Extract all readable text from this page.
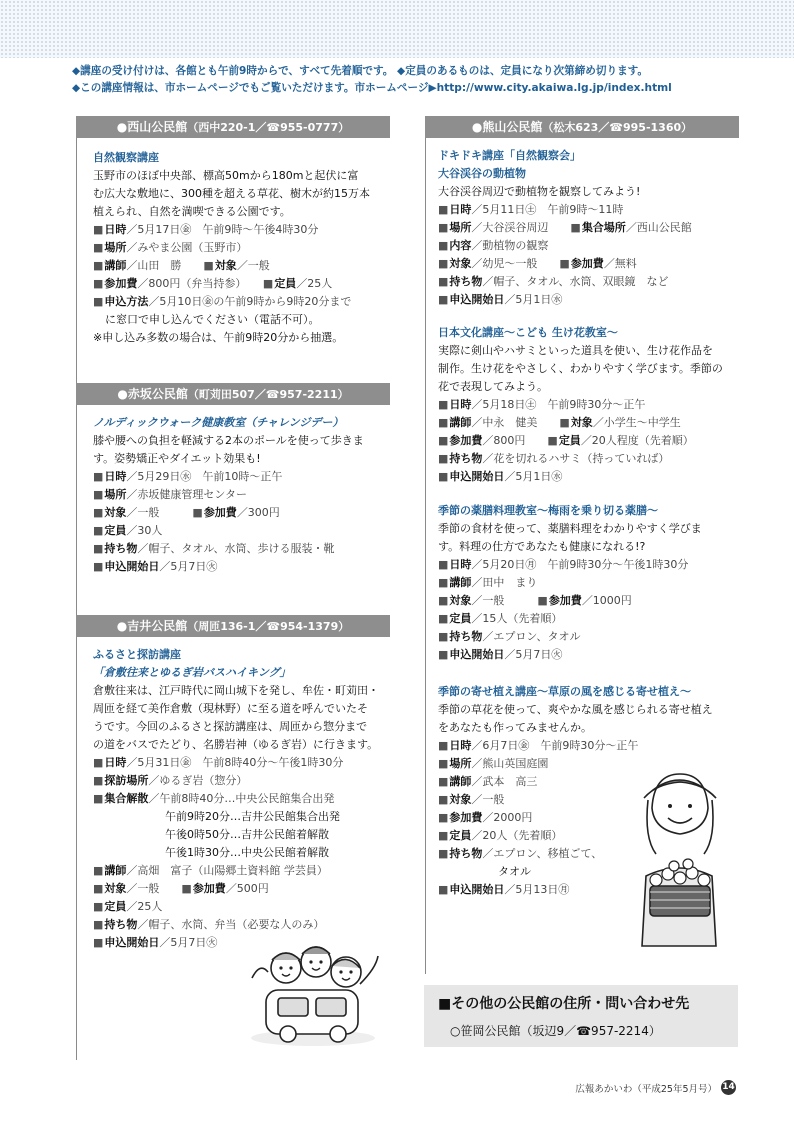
◆講座の受け付けは、各館とも午前9時からで、すべて先着順です。 ◆定員のあるものは、定員になり次第締め切ります。
◆この講座情報は、市ホームページでもご覧いただけます。市ホームページ▶http://www.city.akaiwa.lg.jp/index.html
●西山公民館（西中220-1／☎955-0777）
自然観察講座
玉野市のほぼ中央部、標高50mから180mと起伏に富
む広大な敷地に、300種を超える草花、樹木が約15万本
植えられ、自然を満喫できる公園です。
■ 日時／5月17日㊎　午前9時～午後4時30分
■ 場所／みやま公園（玉野市）
■ 講師／山田　勝　　■ 対象／一般
■ 参加費／800円（弁当持参）　　■ 定員／25人
■ 申込方法／5月10日㊎の午前9時から9時20分まで
に窓口で申し込んでください（電話不可）。
※申し込み多数の場合は、午前9時20分から抽選。
●赤坂公民館（町苅田507／☎957-2211）
ノルディックウォーク健康教室（チャレンジデー）
膝や腰への負担を軽減する2本のポールを使って歩きま
す。姿勢矯正やダイエット効果も!
■ 日時／5月29日㊌　午前10時～正午
■ 場所／赤坂健康管理センター
■ 対象／一般　　　■ 参加費／300円
■ 定員／30人
■ 持ち物／帽子、タオル、水筒、歩ける服装・靴
■ 申込開始日／5月7日㊋
●吉井公民館（周匝136-1／☎954-1379）
ふるさと探訪講座
「倉敷往来とゆるぎ岩バスハイキング」
倉敷往来は、江戸時代に岡山城下を発し、牟佐・町苅田・
周匝を経て美作倉敷（現林野）に至る道を呼んでいたそ
うです。今回のふるさと探訪講座は、周匝から惣分まで
の道をバスでたどり、名勝岩神（ゆるぎ岩）に行きます。
■ 日時／5月31日㊎　午前8時40分～午後1時30分
■ 探訪場所／ゆるぎ岩（惣分）
■ 集合解散／午前8時40分…中央公民館集合出発
午前9時20分…吉井公民館集合出発
午後0時50分…吉井公民館着解散
午後1時30分…中央公民館着解散
■ 講師／高畑　富子（山陽郷土資料館 学芸員）
■ 対象／一般　　■ 参加費／500円
■ 定員／25人
■ 持ち物／帽子、水筒、弁当（必要な人のみ）
■ 申込開始日／5月7日㊋
●熊山公民館（松木623／☎995-1360）
ドキドキ講座「自然観察会」
大谷渓谷の動植物
大谷渓谷周辺で動植物を観察してみよう!
■ 日時／5月11日㊏　午前9時～11時
■ 場所／大谷渓谷周辺　　■ 集合場所／西山公民館
■ 内容／動植物の観察
■ 対象／幼児～一般　　■ 参加費／無料
■ 持ち物／帽子、タオル、水筒、双眼鏡　など
■ 申込開始日／5月1日㊌
日本文化講座～こども 生け花教室～
実際に剣山やハサミといった道具を使い、生け花作品を
制作。生け花をやさしく、わかりやすく学びます。季節の
花で表現してみよう。
■ 日時／5月18日㊏　午前9時30分～正午
■ 講師／中永　健美　　■ 対象／小学生～中学生
■ 参加費／800円　　■ 定員／20人程度（先着順）
■ 持ち物／花を切れるハサミ（持っていれば）
■ 申込開始日／5月1日㊌
季節の薬膳料理教室～梅雨を乗り切る薬膳～
季節の食材を使って、薬膳料理をわかりやすく学びま
す。料理の仕方であなたも健康になれる!?
■ 日時／5月20日㊊　午前9時30分～午後1時30分
■ 講師／田中　まり
■ 対象／一般　　　■ 参加費／1000円
■ 定員／15人（先着順）
■ 持ち物／エプロン、タオル
■ 申込開始日／5月7日㊋
季節の寄せ植え講座～草原の風を感じる寄せ植え～
季節の草花を使って、爽やかな風を感じられる寄せ植え
をあなたも作ってみませんか。
■ 日時／6月7日㊎　午前9時30分～正午
■ 場所／熊山英国庭園
■ 講師／武本　高三
■ 対象／一般
■ 参加費／2000円
■ 定員／20人（先着順）
■ 持ち物／エプロン、移植ごて、
タオル
■ 申込開始日／5月13日㊊
■その他の公民館の住所・問い合わせ先
○笹岡公民館（坂辺9／☎957-2214）
広報あかいわ（平成25年5月号） 14
